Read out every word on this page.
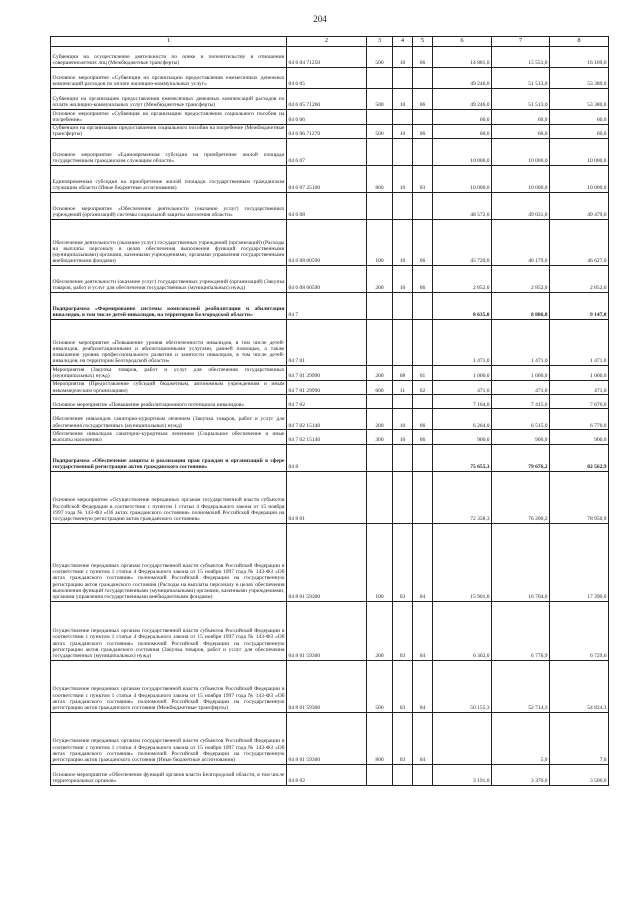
204
1	2	3	4	5	6	7	8
Субвенции на осуществление деятельности по опеке и попечительству в отношении совершеннолетних лиц (Межбюджетные трансферты)	04 6 04 71250	500	10	06	14 881,0	15 551,0	16 109,0
Основное мероприятие «Субвенции на организацию предоставления ежемесячных денежных компенсаций расходов по оплате жилищно-коммунальных услуг»	04 6 05				49 246,0	51 513,0	53 380,0
Субвенции на организацию предоставления ежемесячных денежных компенсаций расходов по оплате жилищно-коммунальных услуг (Межбюджетные трансферты)	04 6 05 71260	500	10	06	49 246,0	51 513,0	53 380,0
Основное мероприятие «Субвенция на организацию предоставления социального пособия на погребение»	04 6 06				60,0	60,0	60,0
Субвенции на организацию предоставления социального пособия на погребение (Межбюджетные трансферты)	04 6 06 71270	500	10	06	60,0	60,0	60,0
Основное мероприятие «Единовременная субсидия на приобретение жилой площади государственным гражданским служащим области»	04 6 07				10 000,0	10 000,0	10 000,0
Единовременная субсидия на приобретение жилой площади государственным гражданским служащим области (Иные бюджетные ассигнования)	04 6 07 25100	800	10	03	10 000,0	10 000,0	10 000,0
Основное мероприятие «Обеспечение деятельности (оказание услуг) государственных учреждений (организаций) системы социальной защиты населения области»	04 6 08				48 572,0	49 031,0	49 479,0
Обеспечение деятельности (оказание услуг) государственных учреждений (организаций) (Расходы на выплаты персоналу в целях обеспечения выполнения функций государственными (муниципальными) органами, казенными учреждениями, органами управления государственными внебюджетными фондами)	04 6 08 00590	100	10	06	45 720,0	46 179,0	46 627,0
Обеспечение деятельности (оказание услуг) государственных учреждений (организаций) (Закупка товаров, работ и услуг для обеспечения государственных (муниципальных) нужд)	04 6 08 00590	200	10	06	2 852,0	2 852,0	2 852,0
Подпрограмма «Формирование системы комплексной реабилитации и абилитации инвалидов, в том числе детей-инвалидов, на территории Белгородской области»	04 7				8 635,0	8 886,0	9 147,0
Основное мероприятие «Повышение уровня обеспеченности инвалидов, в том числе детей-инвалидов, реабилитационными и абилитационными услугами, ранней помощью, а также повышение уровня профессионального развития и занятости инвалидов, в том числе детей-инвалидов, на территории Белгородской области»	04 7 01				1 471,0	1 471,0	1 471,0
Мероприятия (Закупка товаров, работ и услуг для обеспечения государственных (муниципальных) нужд)	04 7 01 29990	200	08	01	1 000,0	1 000,0	1 000,0
Мероприятия (Предоставление субсидий бюджетным, автономным учреждениям и иным некоммерческим организациям)	04 7 01 29990	600	11	02	471,0	471,0	471,0
Основное мероприятие «Повышение реабилитационного потенциала инвалидов»	04 7 02				7 164,0	7 415,0	7 676,0
Обеспечение инвалидов санаторно-курортным лечением (Закупка товаров, работ и услуг для обеспечения государственных (муниципальных) нужд)	04 7 02 15140	200	10	06	6 264,0	6 515,0	6 776,0
Обеспечение инвалидов санаторно-курортным лечением (Социальное обеспечение и иные выплаты населению)	04 7 02 15140	300	10	06	900,0	900,0	900,0
Подпрограмма «Обеспечение защиты и реализации прав граждан и организаций в сфере государственной регистрации актов гражданского состояния»	04 8				75 655,3	79 676,2	82 562,9
Основное мероприятие «Осуществление переданных органам государственной власти субъектов Российской Федерации в соответствии с пунктом 1 статьи 4 Федерального закона от 15 ноября 1997 года № 143-ФЗ «Об актах гражданского состояния» полномочий Российской Федерации на государственную регистрацию актов гражданского состояния»	04 8 01				72 358,3	76 200,2	78 950,9
Осуществление переданных органам государственной власти субъектов Российской Федерации в соответствии с пунктом 1 статьи 4 Федерального закона от 15 ноября 1997 года № 143-ФЗ «Об актах гражданского состояния» полномочий Российской Федерации на государственную регистрацию актов гражданского состояния (Расходы на выплаты персоналу в целях обеспечения выполнения функций государственными (муниципальными) органами, казенными учреждениями, органами управления государственными внебюджетными фондами)	04 8 01 59300	100	03	04	15 901,0	16 704,0	17 390,0
Осуществление переданных органам государственной власти субъектов Российской Федерации в соответствии с пунктом 1 статьи 4 Федерального закона от 15 ноября 1997 года № 143-ФЗ «Об актах гражданского состояния» полномочий Российской Федерации на государственную регистрацию актов гражданского состояния (Закупка товаров, работ и услуг для обеспечения государственных (муниципальных) нужд)	04 8 01 59300	200	03	04	6 302,0	6 776,9	6 729,6
Осуществление переданных органам государственной власти субъектов Российской Федерации в соответствии с пунктом 1 статьи 4 Федерального закона от 15 ноября 1997 года № 143-ФЗ «Об актах гражданского состояния» полномочий Российской Федерации на государственную регистрацию актов гражданского состояния (Межбюджетные трансферты)	04 8 01 59300	500	03	04	50 155,3	52 714,3	54 824,3
Осуществление переданных органам государственной власти субъектов Российской Федерации в соответствии с пунктом 1 статьи 4 Федерального закона от 15 ноября 1997 года № 143-ФЗ «Об актах гражданского состояния» полномочий Российской Федерации на государственную регистрацию актов гражданского состояния (Иные бюджетные ассигнования)	04 8 01 59300	800	03	04		5,0	7,0
Основное мероприятие «Обеспечение функций органов власти Белгородской области, в том числе территориальных органов»	04 8 02				3 191,0	3 370,0	3 506,0
